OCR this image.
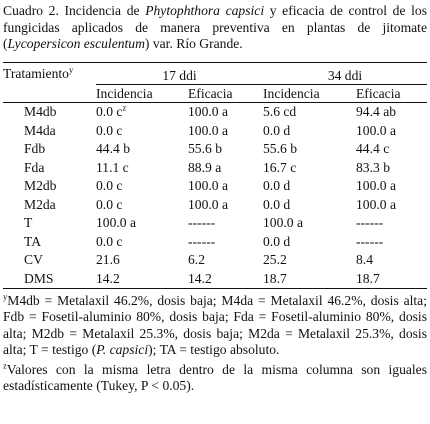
Cuadro 2. Incidencia de Phytophthora capsici y eficacia de control de los fungicidas aplicados de manera preventiva en plantas de jitomate (Lycopersicon esculentum) var. Río Grande.

Tratamiento$^y$	17 ddi		34 ddi	
	Incidencia	Eficacia	Incidencia	Eficacia
M4db	0.0 $c^z$	100.0 a	5.6 cd	94.4 ab
M4da	0.0 c	100.0 a	0.0 d	100.0 a
Fdb	44.4 b	55.6 b	55.6 b	44.4 c
Fda	11.1 c	88.9 a	16.7 c	83.3 b
M2db	0.0 c	100.0 a	0.0 d	100.0 a
M2da	0.0 c	100.0 a	0.0 d	100.0 a
T	100.0 a	------	100.0 a	------
TA	0.0 c	------	0.0 d	------
CV	21.6	6.2	25.2	8.4
DMS	14.2	14.2	18.7	18.7

$^y$M4db = Metalaxil 46.2%, dosis baja; M4da = Metalaxil 46.2%, dosis alta; Fdb = Fosetil-aluminio 80%, dosis baja; Fda = Fosetil-aluminio 80%, dosis alta; M2db = Metalaxil 25.3%, dosis baja; M2da = Metalaxil 25.3%, dosis alta; T = testigo (P. capsici); TA = testigo absoluto.

$^z$Valores con la misma letra dentro de la misma columna son iguales estadísticamente (Tukey, P < 0.05).
